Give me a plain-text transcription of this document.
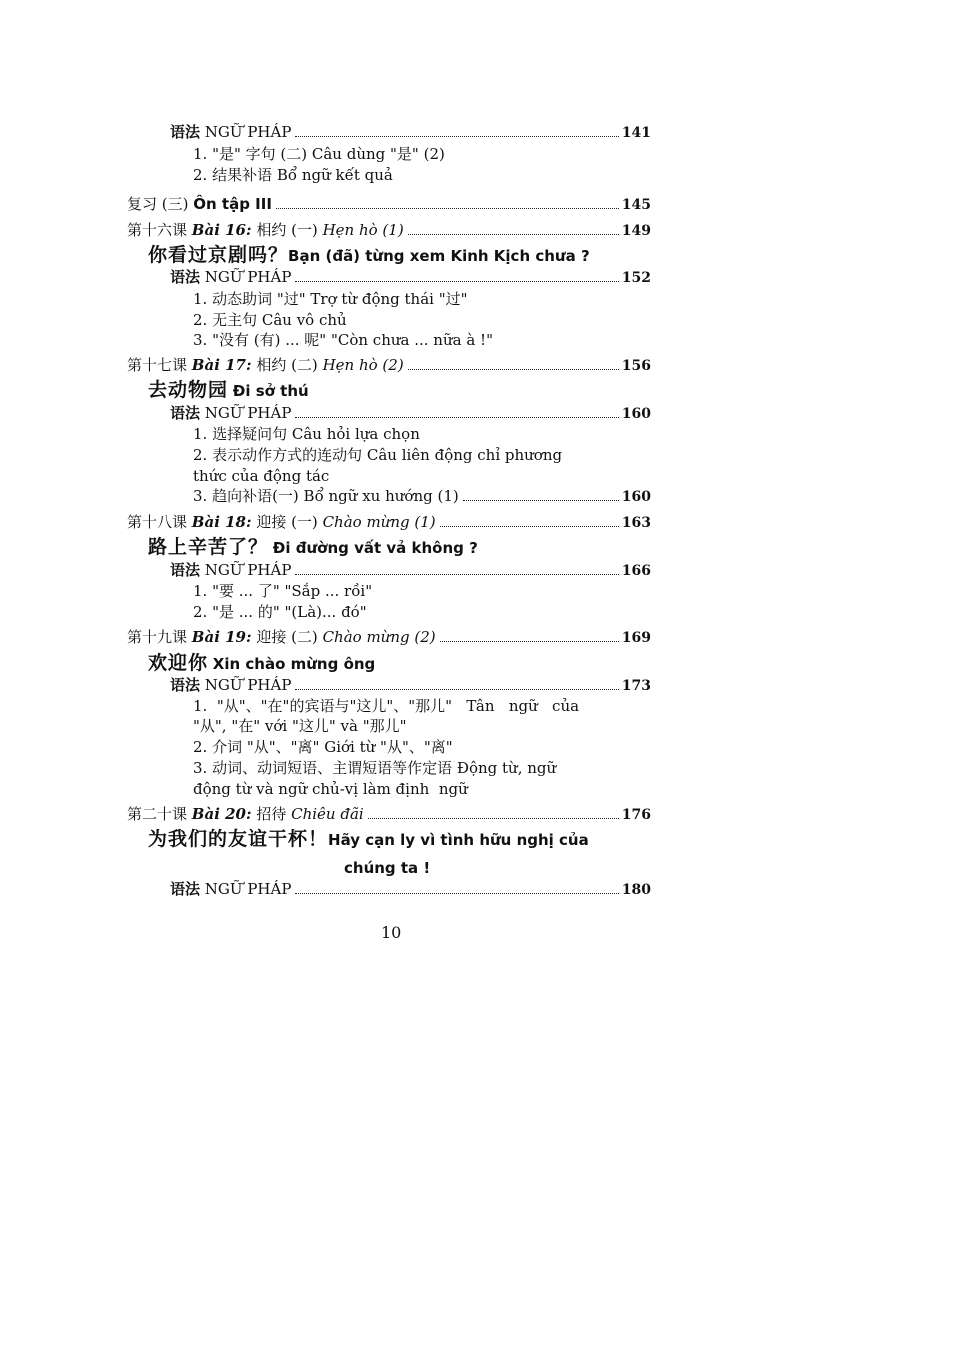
语法 NGỮ PHÁP	141
1. "是" 字句 (二) Câu dùng "是" (2)
2. 结果补语 Bổ ngữ kết quả
复习 (三) Ôn tập III	145
第十六课 Bài 16: 相约 (一) Hẹn hò (1)	149
你看过京剧吗？Bạn (đã) từng xem Kinh Kịch chưa ?
语法 NGỮ PHÁP	152
1. 动态助词 "过" Trợ từ động thái "过"
2. 无主句 Câu vô chủ
3. "没有 (有) ... 呢" "Còn chưa ... nữa à !"
第十七课 Bài 17: 相约 (二) Hẹn hò (2)	156
去动物园 Đi sở thú
语法 NGỮ PHÁP	160
1. 选择疑问句 Câu hỏi lựa chọn
2. 表示动作方式的连动句 Câu liên động chỉ phương
thức của động tác
3. 趋向补语(一) Bổ ngữ xu hướng (1)	160
第十八课 Bài 18: 迎接 (一) Chào mừng (1)	163
路上辛苦了？ Đi đường vất vả không ?
语法 NGỮ PHÁP	166
1. "要 ... 了" "Sắp ... rồi"
2. "是 ... 的" "(Là)... đó"
第十九课 Bài 19: 迎接 (二) Chào mừng (2)	169
欢迎你 Xin chào mừng ông
语法 NGỮ PHÁP	173
1.  "从"、"在"的宾语与"这儿"、"那儿"   Tân   ngữ   của
"从", "在" với "这儿" và "那儿"
2. 介词 "从"、"离" Giới từ "从"、"离"
3. 动词、动词短语、主谓短语等作定语 Động từ, ngữ
động từ và ngữ chủ-vị làm định  ngữ
第二十课 Bài 20: 招待 Chiêu đãi	176
为我们的友谊干杯！Hãy cạn ly vì tình hữu nghị của
chúng ta !
语法 NGỮ PHÁP	180
10
